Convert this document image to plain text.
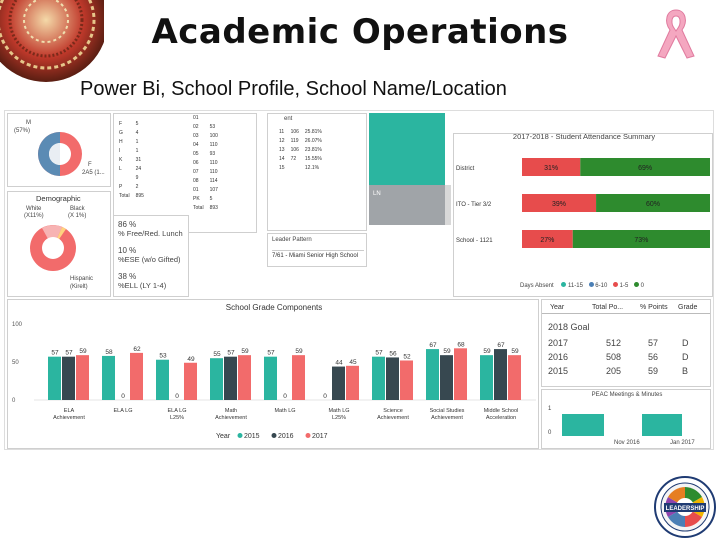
Academic Operations
Power Bi, School Profile, School Name/Location
M
(57%)
F
2A5 (1...
Demographic
White
(X11%)
Black
(X 1%)
Hispanic
(Kirelt)
F	5
G	4
H	1
I	1
K	31
L	24
	9
P	2
Total	895
01	
02	53
03	100
04	110
05	93
06	110
07	110
08	114
01	107
PK	5
Total	893
86 %
% Free/Red. Lunch
10 %
%ESE (w/o Gifted)
38 %
%ELL (LY 1-4)
ent
11	106	25.81%
12	119	26.07%
13	106	23.81%
14	72	15.55%
15		12.1%
Leader Pattern
7/61 - Miami Senior High School
LN
2017-2018 - Student Attendance Summary
District	31%	69%
ITO - Tier 3/2	39%	60%
School - 1121	27%	73%
Days Absent 11-15 6-10 1-5 0
School Grade Components
100
50
0
57 57 59
ELA
Achievement
58
0
62
ELA LG
53
0
49
ELA LG
L25%
55 57 59
Math
Achievement
57
0
59
Math LG
0
44 45
Math LG
L25%
57 56 52
Science
Achievement
67
59
68
Social Studies
Achievement
59
67
59
Middle School
Acceleration
Year 2015	2016	2017
Year	Total Po... % Points Grade
2018 Goal
2017	512	57	D
2016	508	56	D
2015	205	59	B
PEAC Meetings & Minutes
1
0
Nov 2016	Jan 2017
LEADERSHIP
